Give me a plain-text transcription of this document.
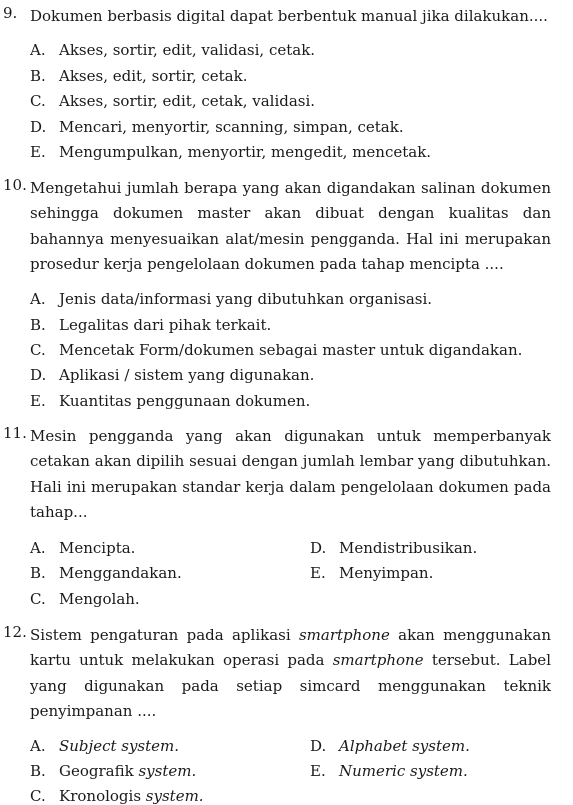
9. Dokumen berbasis digital dapat berbentuk manual jika dilakukan....
A. Akses, sortir, edit, validasi, cetak.
B. Akses, edit, sortir, cetak.
C. Akses, sortir, edit, cetak, validasi.
D. Mencari, menyortir, scanning, simpan, cetak.
E. Mengumpulkan, menyortir, mengedit, mencetak.
10. Mengetahui jumlah berapa yang akan digandakan salinan dokumen sehingga dokumen master akan dibuat dengan kualitas dan bahannya menyesuaikan alat/mesin pengganda. Hal ini merupakan prosedur kerja pengelolaan dokumen pada tahap mencipta ....
A. Jenis data/informasi yang dibutuhkan organisasi.
B. Legalitas dari pihak terkait.
C. Mencetak Form/dokumen sebagai master untuk digandakan.
D. Aplikasi / sistem yang digunakan.
E. Kuantitas penggunaan dokumen.
11. Mesin pengganda yang akan digunakan untuk memperbanyak cetakan akan dipilih sesuai dengan jumlah lembar yang dibutuhkan. Hali ini merupakan standar kerja dalam pengelolaan dokumen pada tahap...
A. Mencipta.
B. Menggandakan.
C. Mengolah.
D. Mendistribusikan.
E. Menyimpan.
12. Sistem pengaturan pada aplikasi smartphone akan menggunakan kartu untuk melakukan operasi pada smartphone tersebut. Label yang digunakan pada setiap simcard menggunakan teknik penyimpanan ....
A. Subject system.
B. Geografik system.
C. Kronologis system.
D. Alphabet system.
E. Numeric system.
